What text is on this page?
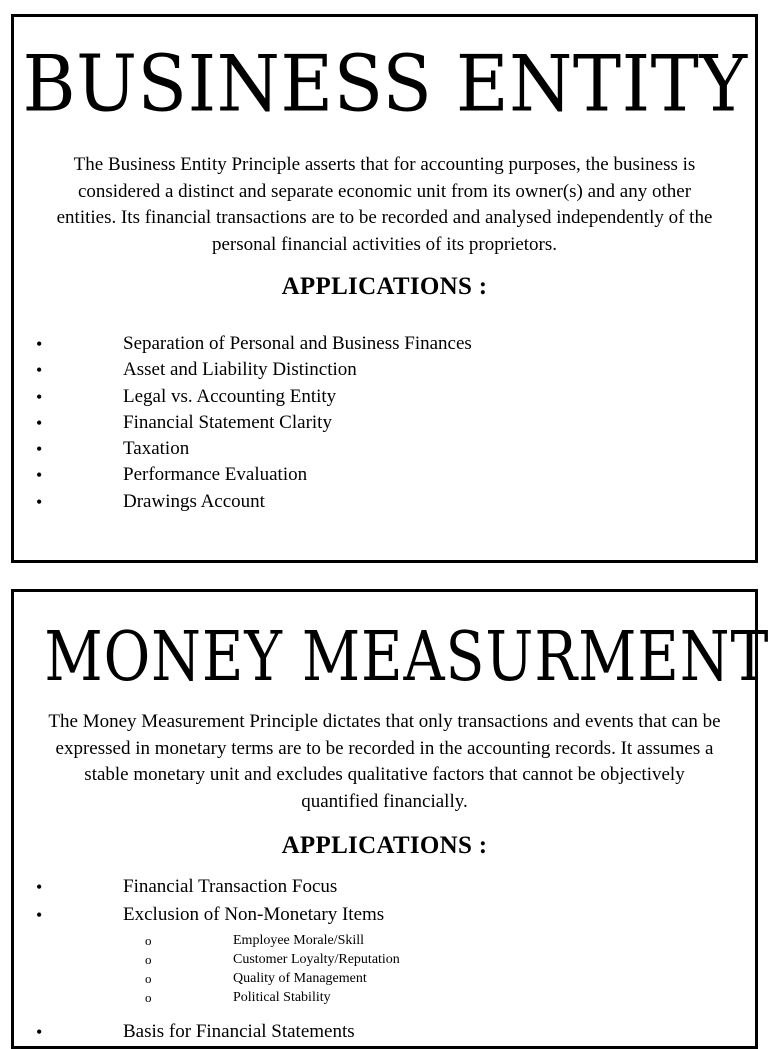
BUSINESS ENTITY

The Business Entity Principle asserts that for accounting purposes, the business is considered a distinct and separate economic unit from its owner(s) and any other entities. Its financial transactions are to be recorded and analysed independently of the personal financial activities of its proprietors.

APPLICATIONS :
•	Separation of Personal and Business Finances
•	Asset and Liability Distinction
•	Legal vs. Accounting Entity
•	Financial Statement Clarity
•	Taxation
•	Performance Evaluation
•	Drawings Account
MONEY MEASURMENT

The Money Measurement Principle dictates that only transactions and events that can be expressed in monetary terms are to be recorded in the accounting records. It assumes a stable monetary unit and excludes qualitative factors that cannot be objectively quantified financially.

APPLICATIONS :
•	Financial Transaction Focus
•	Exclusion of Non-Monetary Items
o	Employee Morale/Skill
o	Customer Loyalty/Reputation
o	Quality of Management
o	Political Stability
•	Basis for Financial Statements
